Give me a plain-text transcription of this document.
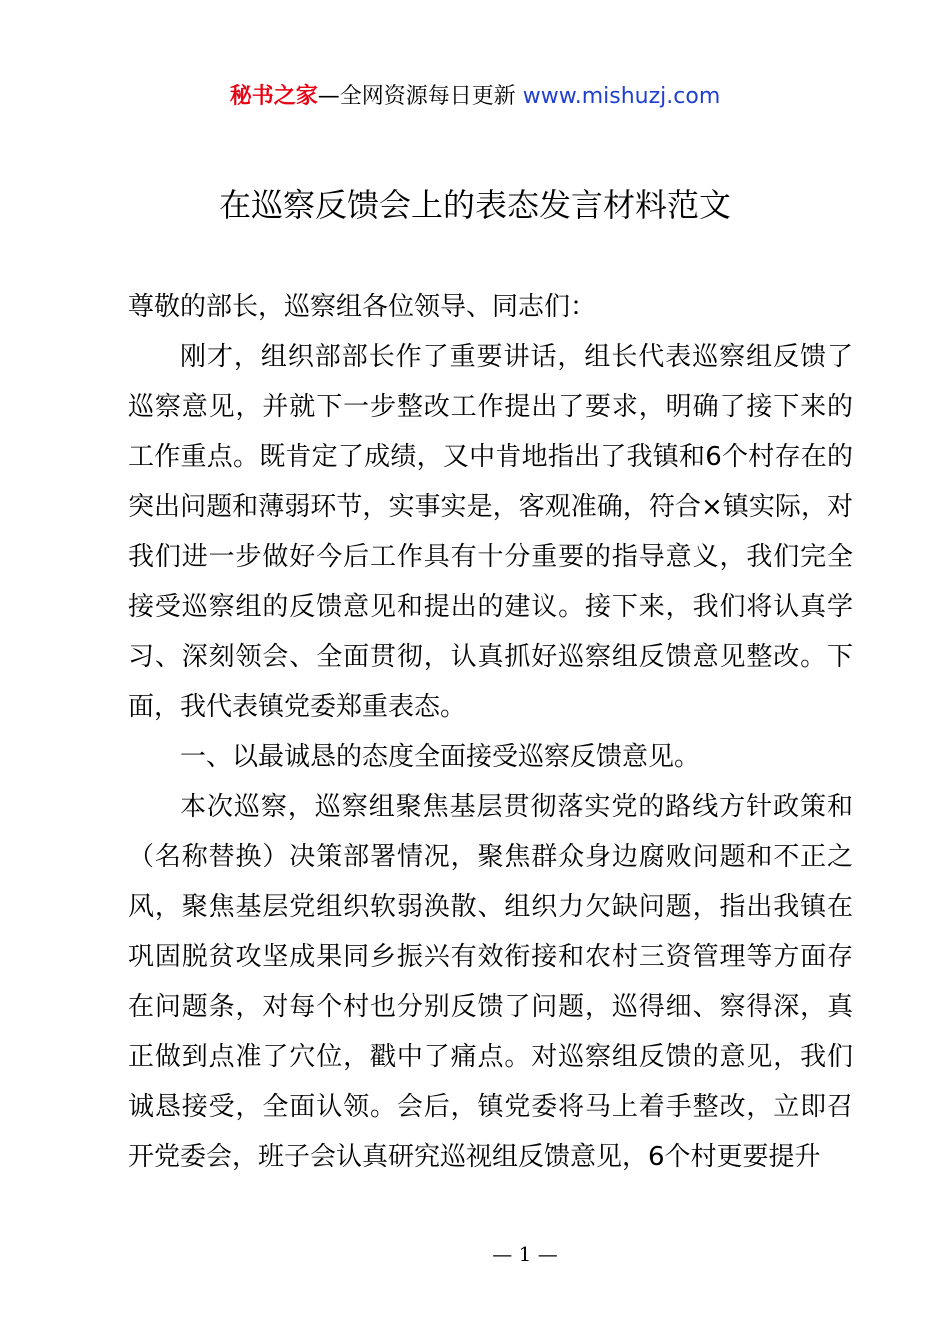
秘书之家—全网资源每日更新 www.mishuzj.com
在巡察反馈会上的表态发言材料范文

尊敬的部长，巡察组各位领导、同志们：

刚才，组织部部长作了重要讲话，组长代表巡察组反馈了巡察意见，并就下一步整改工作提出了要求，明确了接下来的工作重点。既肯定了成绩，又中肯地指出了我镇和6个村存在的突出问题和薄弱环节，实事实是，客观准确，符合×镇实际，对我们进一步做好今后工作具有十分重要的指导意义，我们完全接受巡察组的反馈意见和提出的建议。接下来，我们将认真学习、深刻领会、全面贯彻，认真抓好巡察组反馈意见整改。下面，我代表镇党委郑重表态。

一、以最诚恳的态度全面接受巡察反馈意见。

本次巡察，巡察组聚焦基层贯彻落实党的路线方针政策和（名称替换）决策部署情况，聚焦群众身边腐败问题和不正之风，聚焦基层党组织软弱涣散、组织力欠缺问题，指出我镇在巩固脱贫攻坚成果同乡振兴有效衔接和农村三资管理等方面存在问题条，对每个村也分别反馈了问题，巡得细、察得深，真正做到点准了穴位，戳中了痛点。对巡察组反馈的意见，我们诚恳接受，全面认领。会后，镇党委将马上着手整改，立即召开党委会，班子会认真研究巡视组反馈意见，6个村更要提升

— 1 —
